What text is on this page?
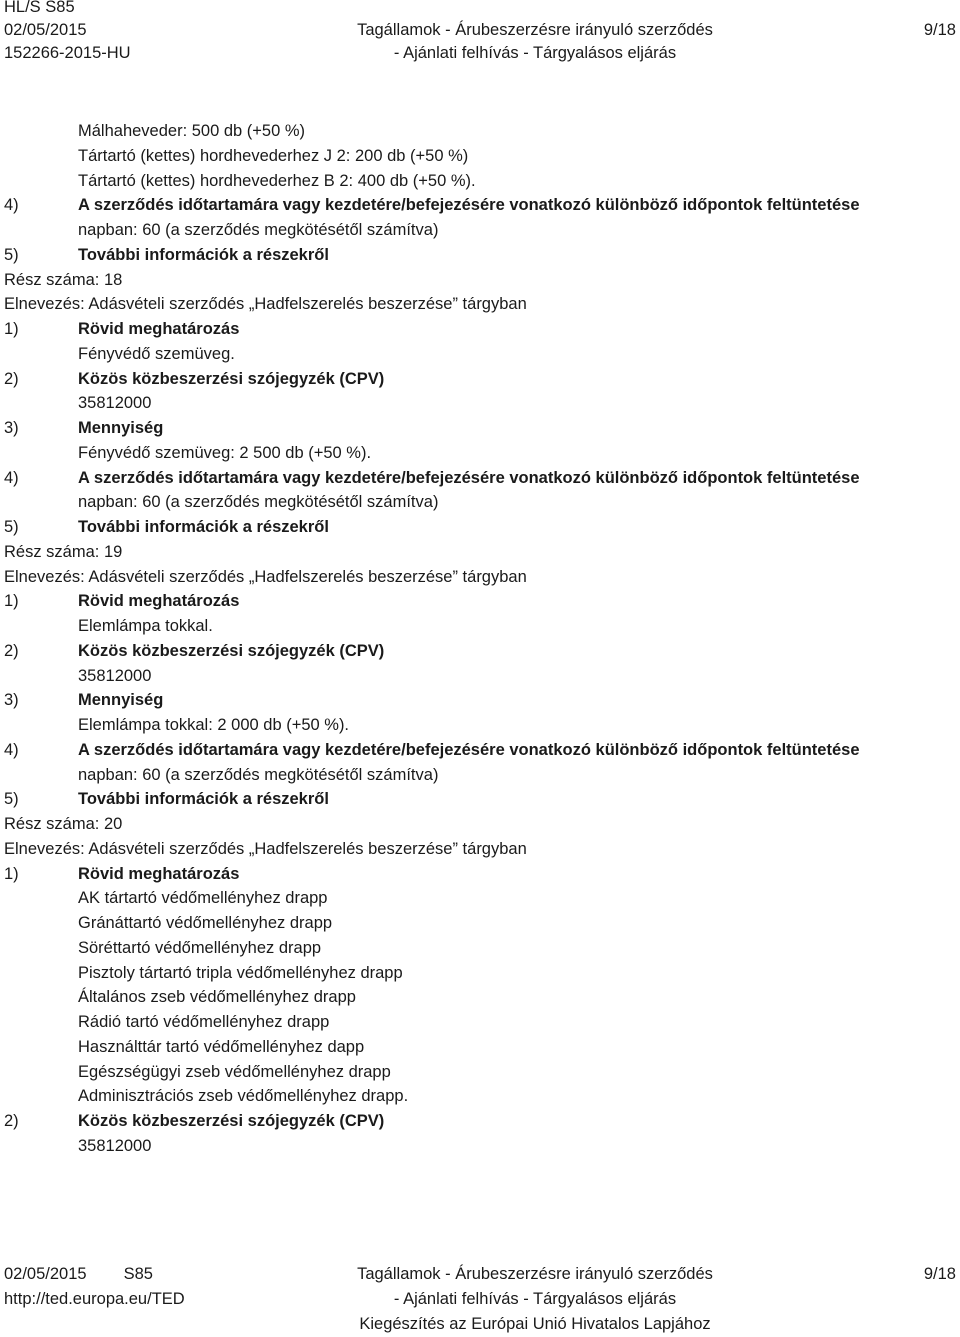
HL/S S85
02/05/2015
152266-2015-HU
Tagállamok - Árubeszerzésre irányuló szerződés
- Ajánlati felhívás - Tárgyalásos eljárás
9/18
Málhaheveder: 500 db (+50 %)
Tártartó (kettes) hordhevederhez J 2: 200 db (+50 %)
Tártartó (kettes) hordhevederhez B 2: 400 db (+50 %).
4)	A szerződés időtartamára vagy kezdetére/befejezésére vonatkozó különböző időpontok feltüntetése
napban: 60 (a szerződés megkötésétől számítva)
5)	További információk a részekről
Rész száma: 18
Elnevezés: Adásvételi szerződés „Hadfelszerelés beszerzése” tárgyban
1)	Rövid meghatározás
Fényvédő szemüveg.
2)	Közös közbeszerzési szójegyzék (CPV)
35812000
3)	Mennyiség
Fényvédő szemüveg: 2 500 db (+50 %).
4)	A szerződés időtartamára vagy kezdetére/befejezésére vonatkozó különböző időpontok feltüntetése
napban: 60 (a szerződés megkötésétől számítva)
5)	További információk a részekről
Rész száma: 19
Elnevezés: Adásvételi szerződés „Hadfelszerelés beszerzése” tárgyban
1)	Rövid meghatározás
Elemlámpa tokkal.
2)	Közös közbeszerzési szójegyzék (CPV)
35812000
3)	Mennyiség
Elemlámpa tokkal: 2 000 db (+50 %).
4)	A szerződés időtartamára vagy kezdetére/befejezésére vonatkozó különböző időpontok feltüntetése
napban: 60 (a szerződés megkötésétől számítva)
5)	További információk a részekről
Rész száma: 20
Elnevezés: Adásvételi szerződés „Hadfelszerelés beszerzése” tárgyban
1)	Rövid meghatározás
AK tártartó védőmellényhez drapp
Gránáttartó védőmellényhez drapp
Söréttartó védőmellényhez drapp
Pisztoly tártartó tripla védőmellényhez drapp
Általános zseb védőmellényhez drapp
Rádió tartó védőmellényhez drapp
Használttár tartó védőmellényhez dapp
Egészségügyi zseb védőmellényhez drapp
Adminisztrációs zseb védőmellényhez drapp.
2)	Közös közbeszerzési szójegyzék (CPV)
35812000
02/05/2015 S85
http://ted.europa.eu/TED
Tagállamok - Árubeszerzésre irányuló szerződés
- Ajánlati felhívás - Tárgyalásos eljárás
Kiegészítés az Európai Unió Hivatalos Lapjához
9/18
